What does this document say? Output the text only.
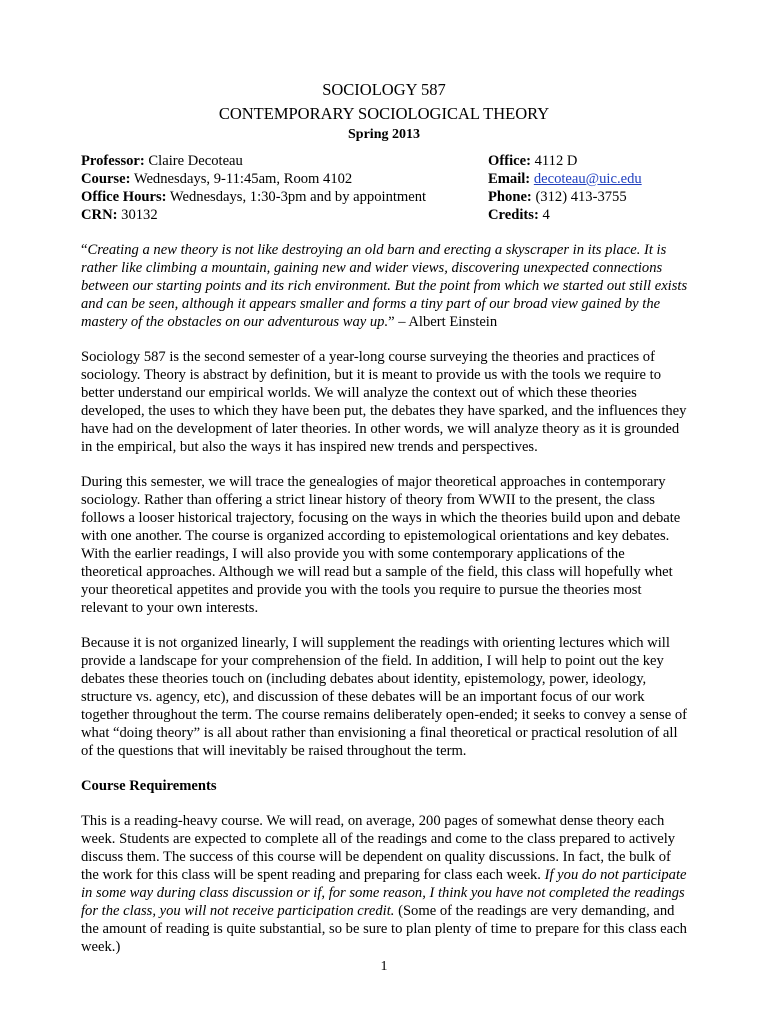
SOCIOLOGY 587
CONTEMPORARY SOCIOLOGICAL THEORY
Spring 2013
Professor: Claire Decoteau	Office: 4112 D
Course: Wednesdays, 9-11:45am, Room 4102	Email: decoteau@uic.edu
Office Hours: Wednesdays, 1:30-3pm and by appointment	Phone: (312) 413-3755
CRN: 30132	Credits: 4

“Creating a new theory is not like destroying an old barn and erecting a skyscraper in its place. It is rather like climbing a mountain, gaining new and wider views, discovering unexpected connections between our starting points and its rich environment. But the point from which we started out still exists and can be seen, although it appears smaller and forms a tiny part of our broad view gained by the mastery of the obstacles on our adventurous way up.” – Albert Einstein

Sociology 587 is the second semester of a year-long course surveying the theories and practices of sociology. Theory is abstract by definition, but it is meant to provide us with the tools we require to better understand our empirical worlds. We will analyze the context out of which these theories developed, the uses to which they have been put, the debates they have sparked, and the influences they have had on the development of later theories. In other words, we will analyze theory as it is grounded in the empirical, but also the ways it has inspired new trends and perspectives.

During this semester, we will trace the genealogies of major theoretical approaches in contemporary sociology. Rather than offering a strict linear history of theory from WWII to the present, the class follows a looser historical trajectory, focusing on the ways in which the theories build upon and debate with one another. The course is organized according to epistemological orientations and key debates. With the earlier readings, I will also provide you with some contemporary applications of the theoretical approaches. Although we will read but a sample of the field, this class will hopefully whet your theoretical appetites and provide you with the tools you require to pursue the theories most relevant to your own interests.

Because it is not organized linearly, I will supplement the readings with orienting lectures which will provide a landscape for your comprehension of the field. In addition, I will help to point out the key debates these theories touch on (including debates about identity, epistemology, power, ideology, structure vs. agency, etc), and discussion of these debates will be an important focus of our work together throughout the term. The course remains deliberately open-ended; it seeks to convey a sense of what “doing theory” is all about rather than envisioning a final theoretical or practical resolution of all of the questions that will inevitably be raised throughout the term.

Course Requirements

This is a reading-heavy course. We will read, on average, 200 pages of somewhat dense theory each week. Students are expected to complete all of the readings and come to the class prepared to actively discuss them. The success of this course will be dependent on quality discussions. In fact, the bulk of the work for this class will be spent reading and preparing for class each week. If you do not participate in some way during class discussion or if, for some reason, I think you have not completed the readings for the class, you will not receive participation credit. (Some of the readings are very demanding, and the amount of reading is quite substantial, so be sure to plan plenty of time to prepare for this class each week.)

1
